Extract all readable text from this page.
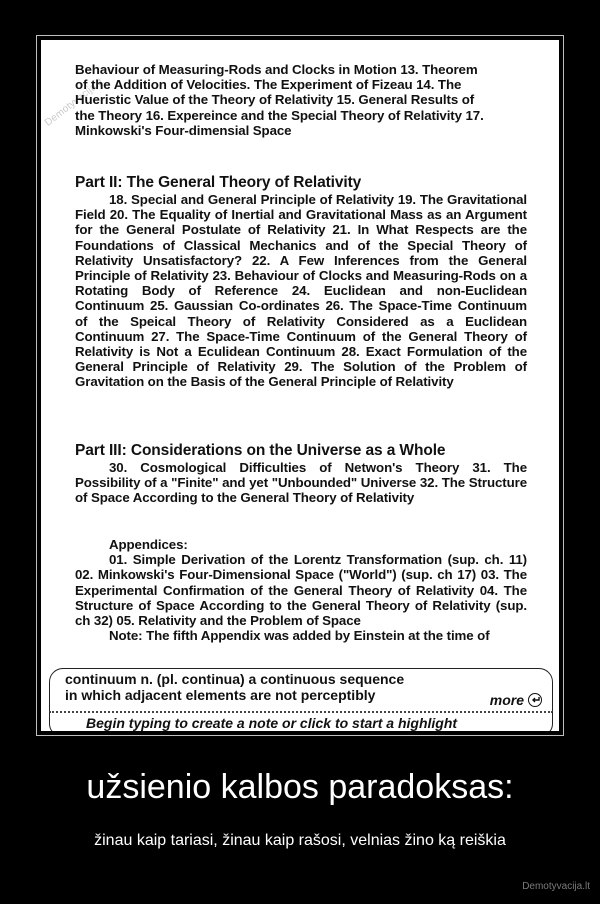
Demotyvacija.lt

Behaviour of Measuring-Rods and Clocks in Motion 13. Theorem

of the Addition of Velocities. The Experiment of Fizeau 14. The

Hueristic Value of the Theory of Relativity 15. General Results of

the Theory 16. Expereince and the Special Theory of Relativity 17.

Minkowski's Four-dimensial Space

Part II: The General Theory of Relativity

18. Special and General Principle of Relativity 19. The Gravitational Field 20. The Equality of Inertial and Gravitational Mass as an Argument for the General Postulate of Relativity 21. In What Respects are the Foundations of Classical Mechanics and of the Special Theory of Relativity Unsatisfactory? 22. A Few Inferences from the General Principle of Relativity 23. Behaviour of Clocks and Measuring-Rods on a Rotating Body of Reference 24. Euclidean and non-Euclidean Continuum 25. Gaussian Co-ordinates 26. The Space-Time Continuum of the Speical Theory of Relativity Considered as a Euclidean Continuum 27. The Space-Time Continuum of the General Theory of Relativity is Not a Eculidean Continuum 28. Exact Formulation of the General Principle of Relativity 29. The Solution of the Problem of Gravitation on the Basis of the General Principle of Relativity

Part III: Considerations on the Universe as a Whole

30. Cosmological Difficulties of Netwon's Theory 31. The Possibility of a "Finite" and yet "Unbounded" Universe 32. The Structure of Space According to the General Theory of Relativity

Appendices:

01. Simple Derivation of the Lorentz Transformation (sup. ch. 11) 02. Minkowski's Four-Dimensional Space ("World") (sup. ch 17) 03. The Experimental Confirmation of the General Theory of Relativity 04. The Structure of Space According to the General Theory of Relativity (sup. ch 32) 05. Relativity and the Problem of Space

Note: The fifth Appendix was added by Einstein at the time of

continuum n. (pl. continua) a continuous sequence
in which adjacent elements are not perceptibly	more
Begin typing to create a note or click to start a highlight
užsienio kalbos paradoksas:
žinau kaip tariasi, žinau kaip rašosi, velnias žino ką reiškia
Demotyvacija.lt
